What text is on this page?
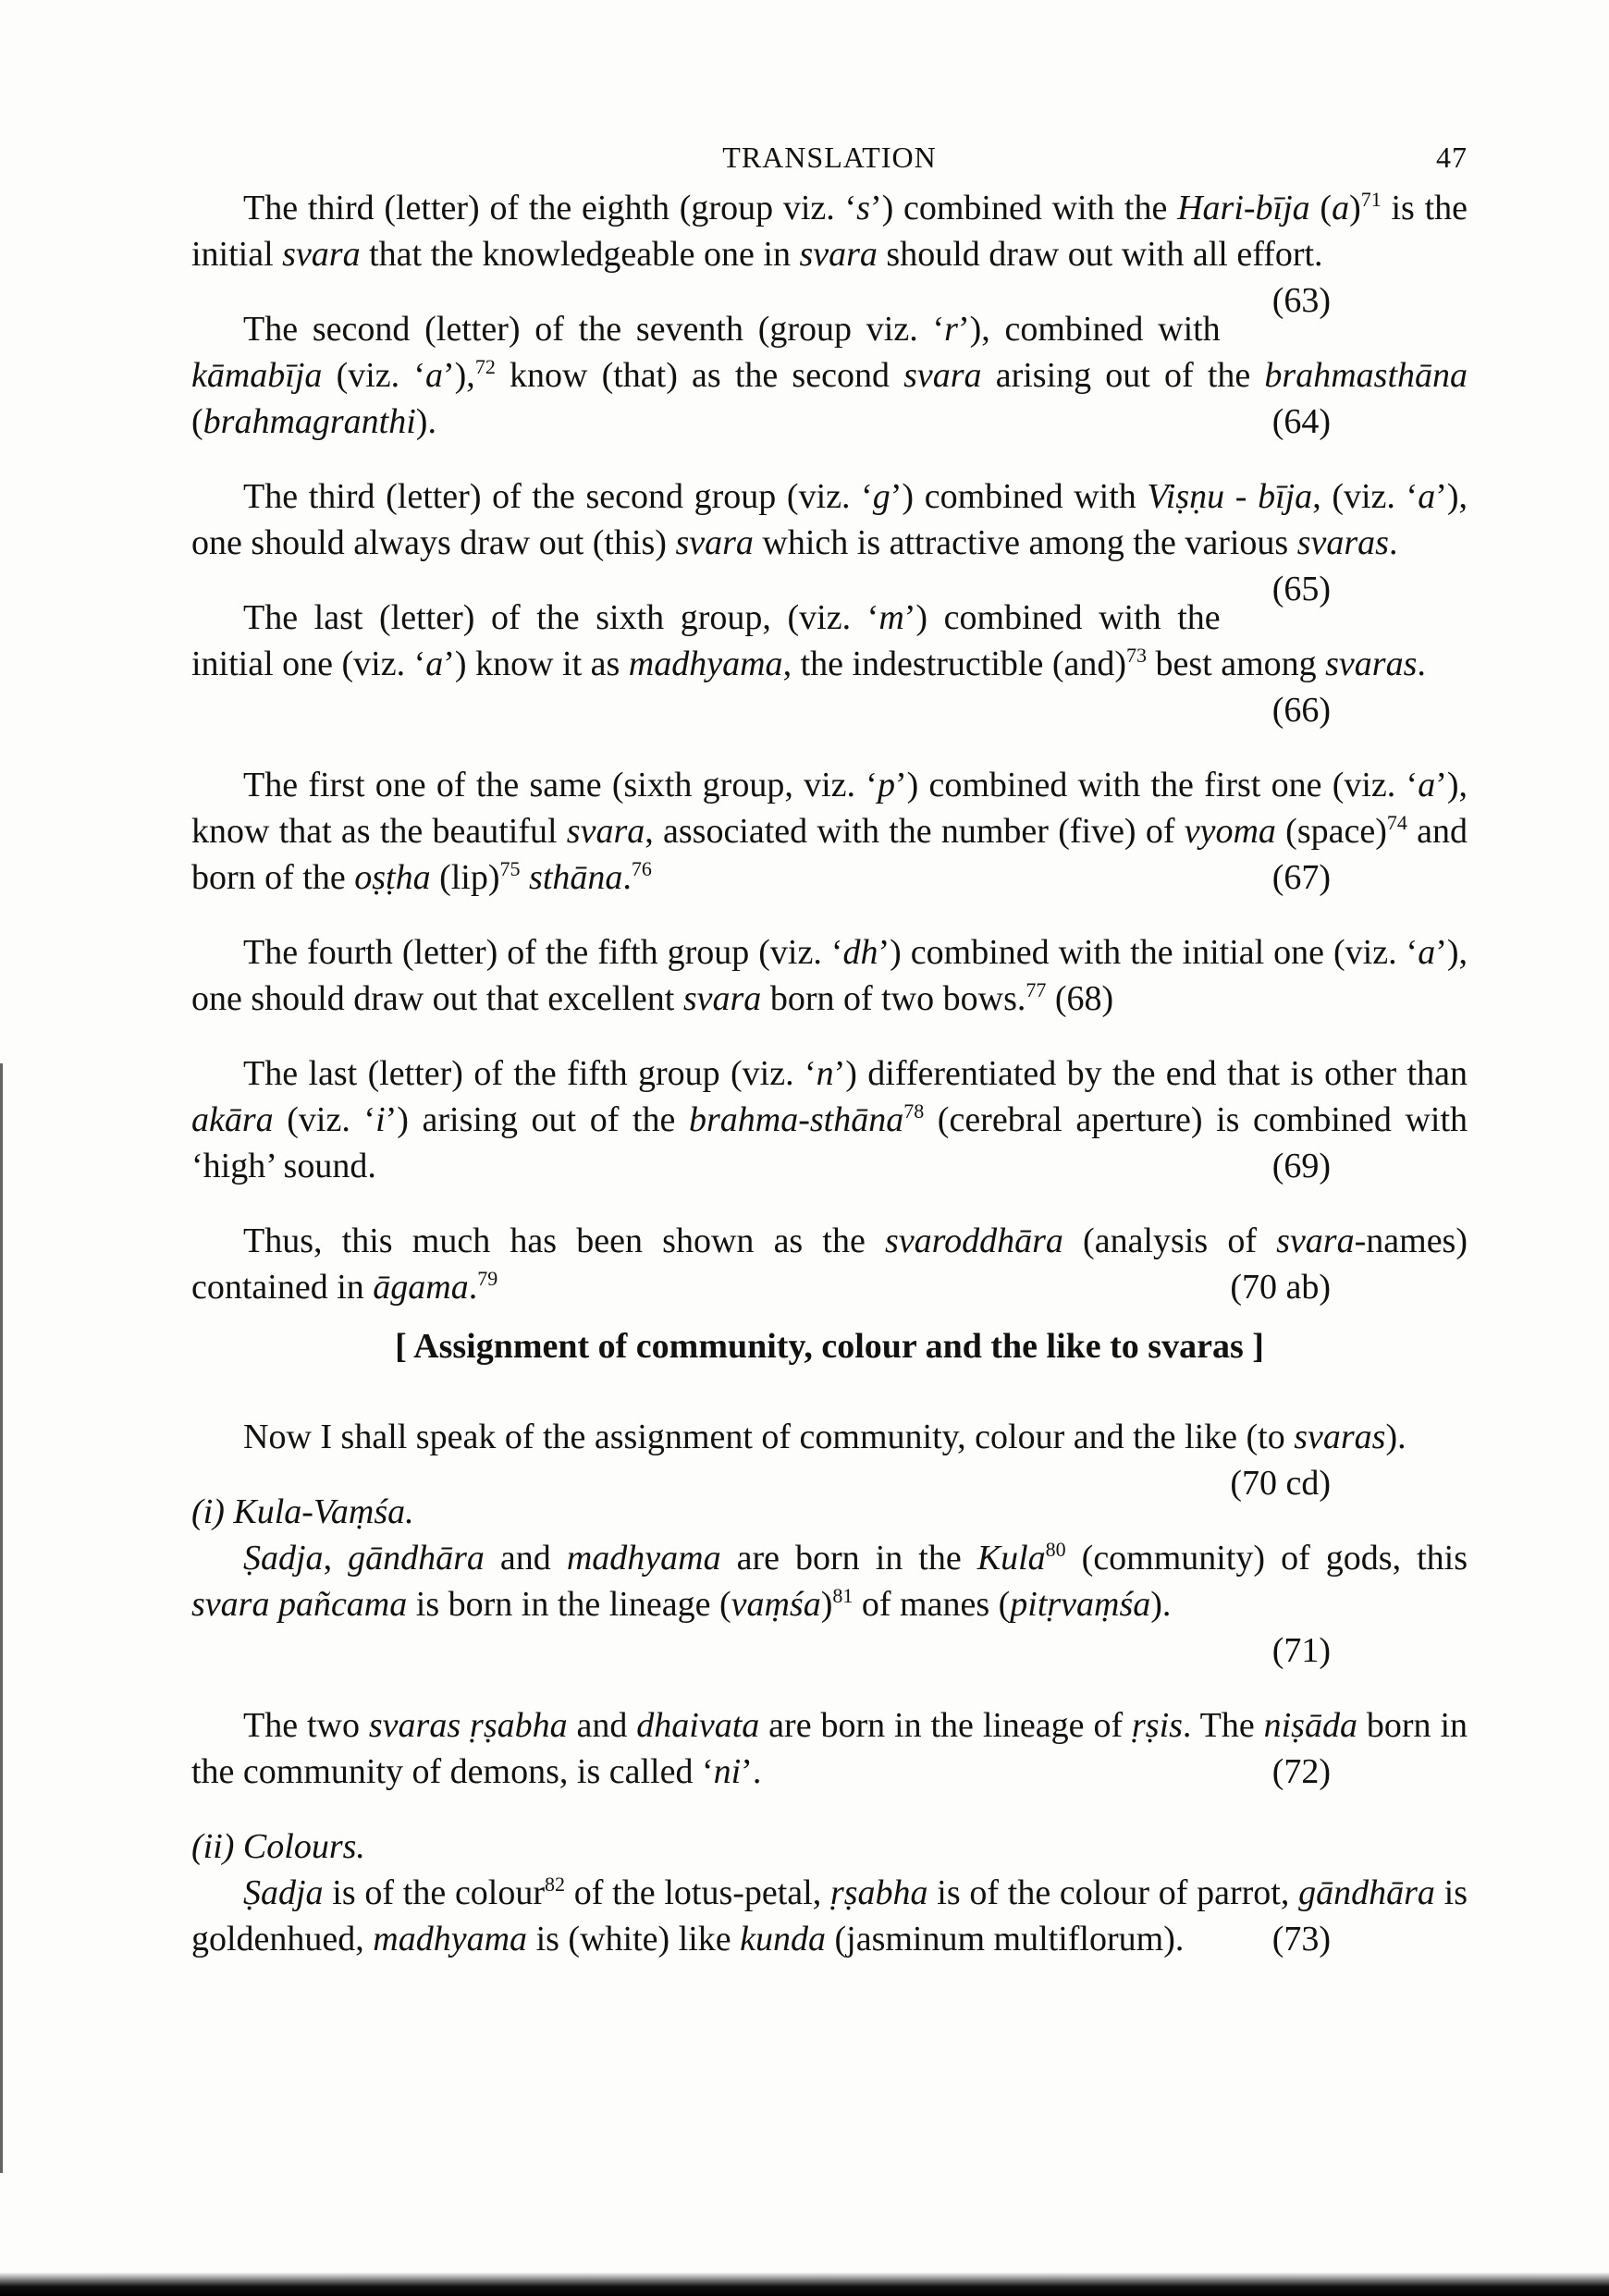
TRANSLATION	47

The third (letter) of the eighth (group viz. ‘s’) combined with the Hari-bīja $(a)^{71}$ is the initial svara that the knowledgeable one in svara should draw out with all effort.
(63)

The second (letter) of the seventh (group viz. ‘r’), combined with kāmabīja (viz. ‘a’),$^{72}$ know (that) as the second svara arising out of the brahmasthāna (brahmagranthi).	(64)

The third (letter) of the second group (viz. ‘g’) combined with Viṣṇu - bīja, (viz. ‘a’), one should always draw out (this) svara which is attractive among the various svaras.
(65)

The last (letter) of the sixth group, (viz. ‘m’) combined with the initial one (viz. ‘a’) know it as madhyama, the indestructible (and)$^{73}$ best among svaras.
(66)

The first one of the same (sixth group, viz. ‘p’) combined with the first one (viz. ‘a’), know that as the beautiful svara, associated with the number (five) of vyoma (space)$^{74}$ and born of the oṣṭha (lip)$^{75}$ sthāna.$^{76}$	(67)

The fourth (letter) of the fifth group (viz. ‘dh’) combined with the initial one (viz. ‘a’), one should draw out that excellent svara born of two bows.$^{77}$ (68)

The last (letter) of the fifth group (viz. ‘n’) differentiated by the end that is other than akāra (viz. ‘i’) arising out of the brahma-sthāna$^{78}$ (cerebral aperture) is combined with ‘high’ sound.	(69)

Thus, this much has been shown as the svaroddhāra (analysis of svara-names) contained in āgama.$^{79}$	(70 ab)

[ Assignment of community, colour and the like to svaras ]

Now I shall speak of the assignment of community, colour and the like (to svaras).
(70 cd)

(i) Kula-Vaṃśa.

Ṣadja, gāndhāra and madhyama are born in the Kula$^{80}$ (community) of gods, this svara pañcama is born in the lineage (vaṃśa)$^{81}$ of manes (pitṛvaṃśa).
(71)

The two svaras ṛṣabha and dhaivata are born in the lineage of ṛṣis. The niṣāda born in the community of demons, is called ‘ni’.	(72)

(ii) Colours.

Ṣadja is of the colour$^{82}$ of the lotus-petal, ṛṣabha is of the colour of parrot, gāndhāra is goldenhued, madhyama is (white) like kunda (jasminum multiflorum).	(73)
